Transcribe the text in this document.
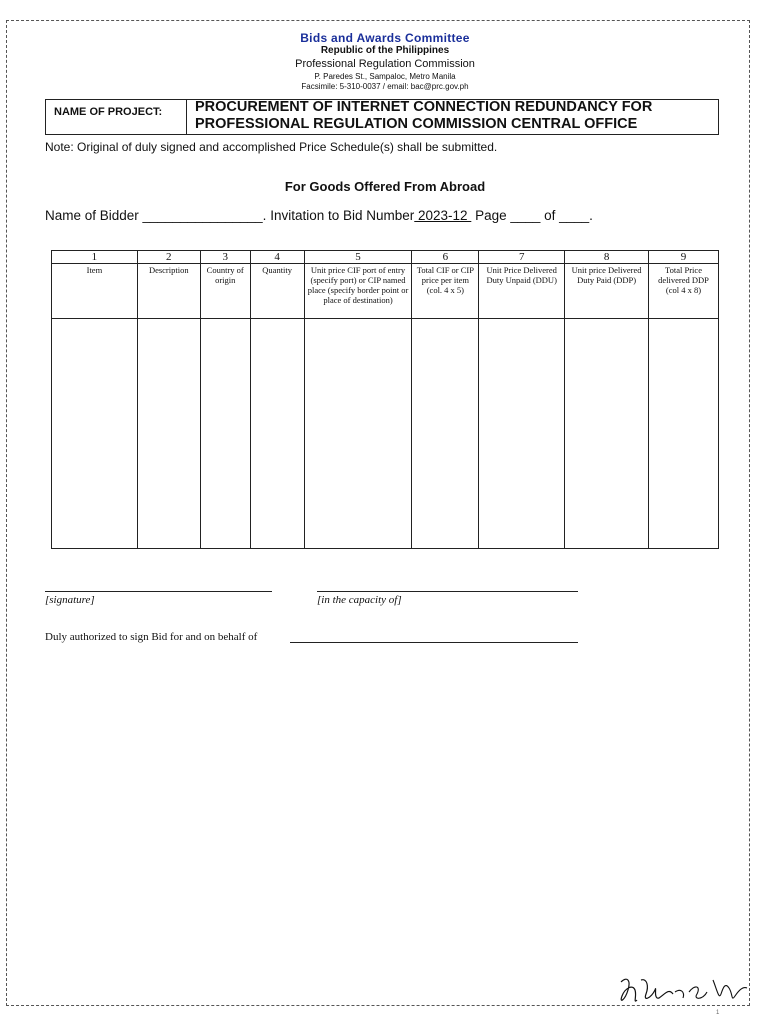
Bids and Awards Committee
Republic of the Philippines
Professional Regulation Commission
P. Paredes St., Sampaloc, Metro Manila
Facsimile: 5-310-0037 / email: bac@prc.gov.ph
NAME OF PROJECT: PROCUREMENT OF INTERNET CONNECTION REDUNDANCY FOR
PROFESSIONAL REGULATION COMMISSION CENTRAL OFFICE
Note: Original of duly signed and accomplished Price Schedule(s) shall be submitted.
For Goods Offered From Abroad
Name of Bidder ________________. Invitation to Bid Number 2023-12  Page ____ of ____.
1	2	3	4	5	6	7	8	9
Item	Description	Country of origin	Quantity	Unit price CIF port of entry (specify port) or CIP named place (specify border point or place of destination)	Total CIF or CIP price per item (col. 4 x 5)	Unit Price Delivered Duty Unpaid (DDU)	Unit price Delivered Duty Paid (DDP)	Total Price delivered DDP (col 4 x 8)

[signature]	[in the capacity of]
Duly authorized to sign Bid for and on behalf of
1
